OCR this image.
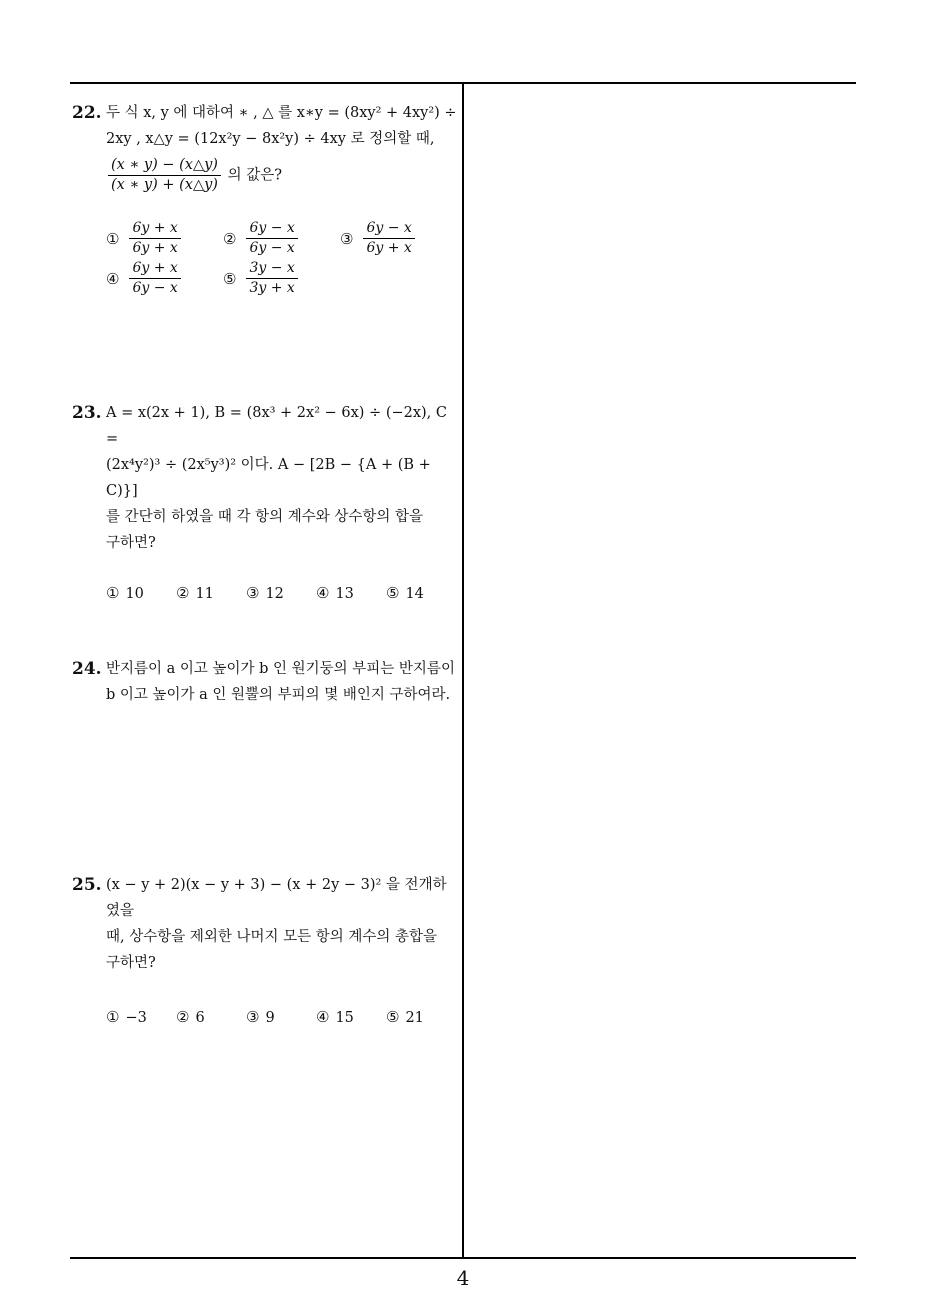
22. 두 식 x, y 에 대하여 ∗ , △ 를 x∗y = (8xy² + 4xy²) ÷

2xy , x△y = (12x²y − 8x²y) ÷ 4xy 로 정의할 때,

$\frac{(x ∗ y) - (x\triangle y)}{(x ∗ y) + (x\triangle y)}$ 의 값은?

① $\frac{6y + x}{6y + x}$	② $\frac{6y - x}{6y - x}$	③ $\frac{6y - x}{6y + x}$
④ $\frac{6y + x}{6y - x}$	⑤ $\frac{3y - x}{3y + x}$
23. A = x(2x + 1), B = (8x³ + 2x² − 6x) ÷ (−2x), C =

(2x⁴y²)³ ÷ (2x⁵y³)² 이다. A − [2B − {A + (B + C)}]

를 간단히 하였을 때 각 항의 계수와 상수항의 합을

구하면?

① 10 ② 11 ③ 12 ④ 13 ⑤ 14
24. 반지름이 a 이고 높이가 b 인 원기둥의 부피는 반지름이

b 이고 높이가 a 인 원뿔의 부피의 몇 배인지 구하여라.

25. (x − y + 2)(x − y + 3) − (x + 2y − 3)² 을 전개하였을

때, 상수항을 제외한 나머지 모든 항의 계수의 총합을

구하면?

① −3 ② 6	③ 9	④ 15 ⑤ 21
4
